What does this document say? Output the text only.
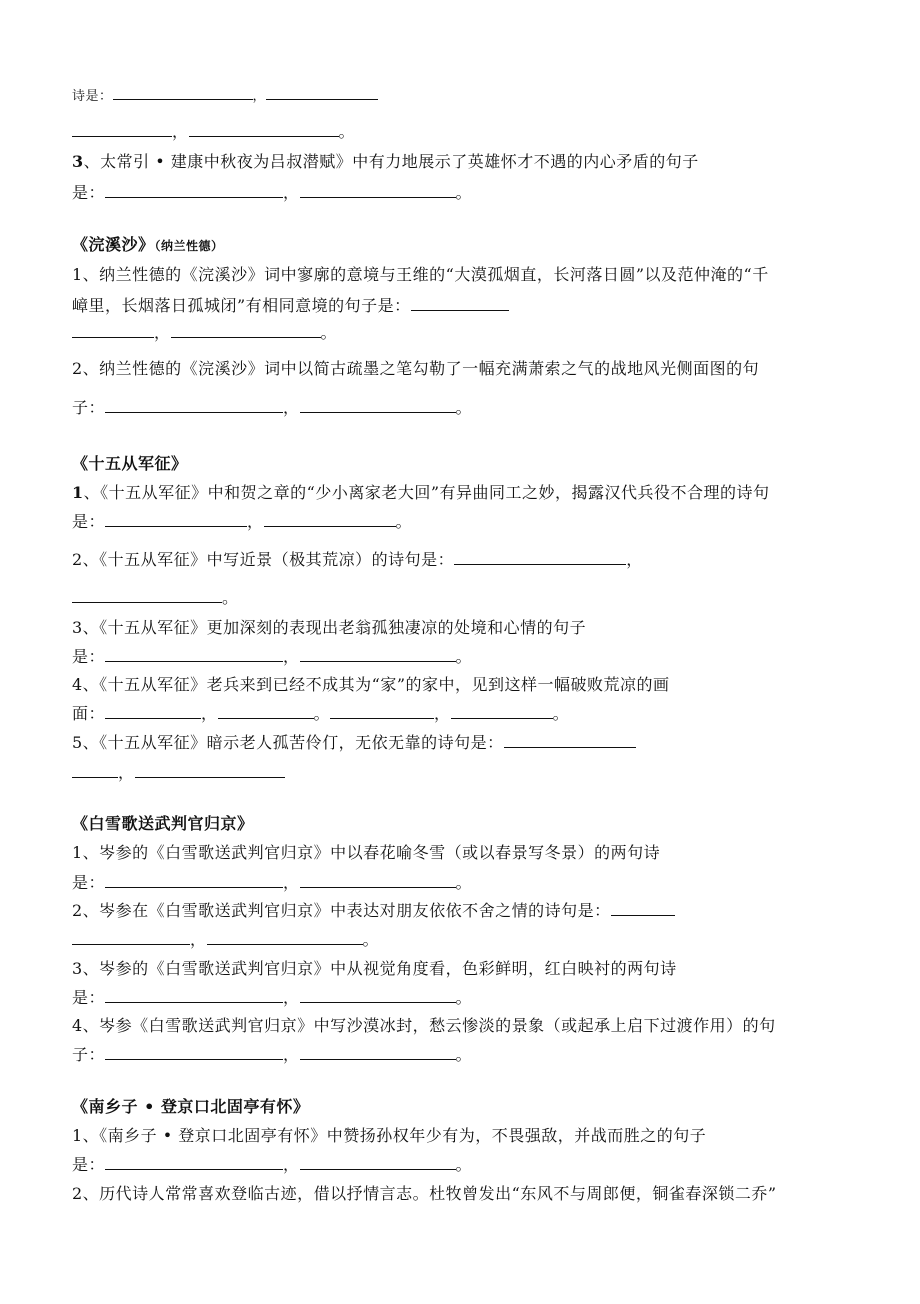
诗是：	，
，	。
3、太常引 • 建康中秋夜为吕叔潜赋》中有力地展示了英雄怀才不遇的内心矛盾的句子
是：	，	。
《浣溪沙》（纳兰性德）
1、纳兰性德的《浣溪沙》词中寥廓的意境与王维的“大漠孤烟直，长河落日圆”以及范仲淹的“千
嶂里，长烟落日孤城闭”有相同意境的句子是：
，	。
2、纳兰性德的《浣溪沙》词中以简古疏墨之笔勾勒了一幅充满萧索之气的战地风光侧面图的句
子：	，	。
《十五从军征》
1、《十五从军征》中和贺之章的“少小离家老大回”有异曲同工之妙，揭露汉代兵役不合理的诗句
是：	，	。
2、《十五从军征》中写近景（极其荒凉）的诗句是：	，
。
3、《十五从军征》更加深刻的表现出老翁孤独凄凉的处境和心情的句子
是：	，	。
4、《十五从军征》老兵来到已经不成其为“家”的家中，见到这样一幅破败荒凉的画
面：	，	。	，	。
5、《十五从军征》暗示老人孤苦伶仃，无依无靠的诗句是：
，
《白雪歌送武判官归京》
1、岑参的《白雪歌送武判官归京》中以春花喻冬雪（或以春景写冬景）的两句诗
是：	，	。
2、岑参在《白雪歌送武判官归京》中表达对朋友依依不舍之情的诗句是：
，	。
3、岑参的《白雪歌送武判官归京》中从视觉角度看，色彩鲜明，红白映衬的两句诗
是：	，	。
4、岑参《白雪歌送武判官归京》中写沙漠冰封，愁云惨淡的景象（或起承上启下过渡作用）的句
子：	，	。
《南乡子 • 登京口北固亭有怀》
1、《南乡子 • 登京口北固亭有怀》中赞扬孙权年少有为，不畏强敌，并战而胜之的句子
是：	，	。
2、历代诗人常常喜欢登临古迹，借以抒情言志。杜牧曾发出“东风不与周郎便，铜雀春深锁二乔”
